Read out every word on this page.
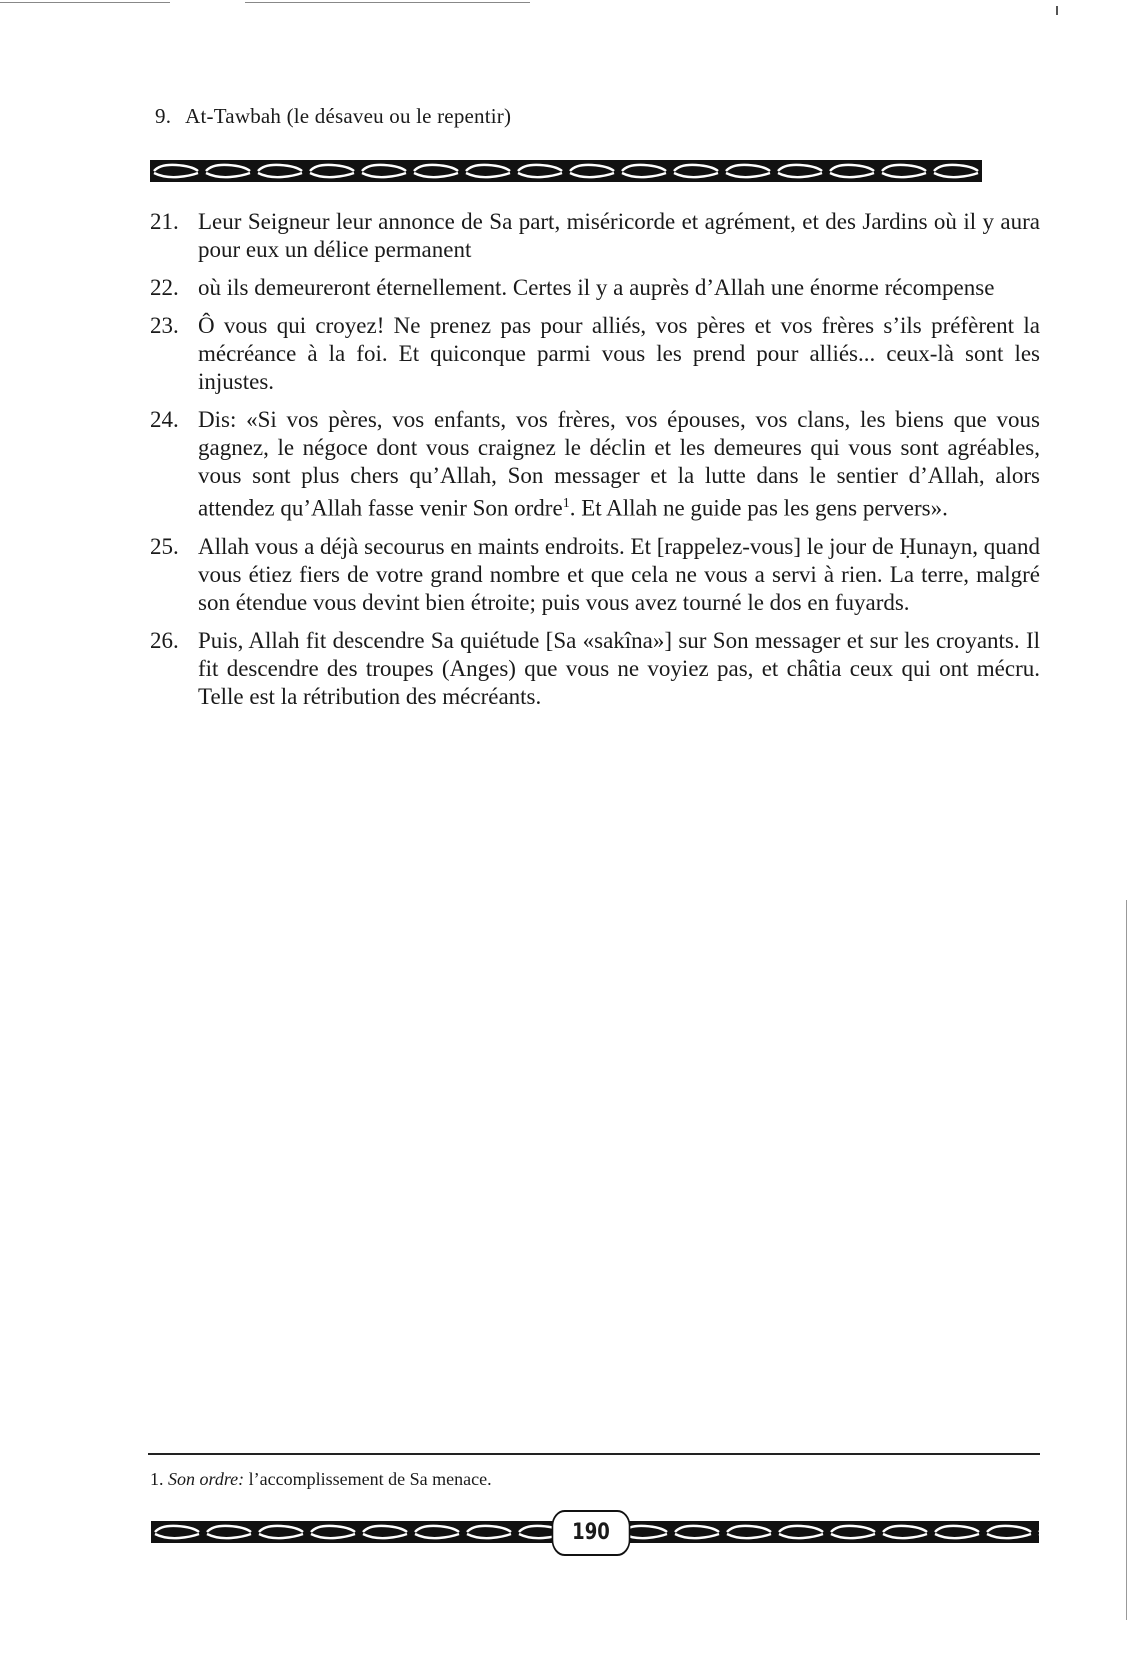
9. At-Tawbah (le désaveu ou le repentir)
21. Leur Seigneur leur annonce de Sa part, miséricorde et agrément, et des Jardins où il y aura pour eux un délice permanent
22. où ils demeureront éternellement. Certes il y a auprès d’Allah une énorme récompense
23. Ô vous qui croyez! Ne prenez pas pour alliés, vos pères et vos frères s’ils préfèrent la mécréance à la foi. Et quiconque parmi vous les prend pour alliés... ceux-là sont les injustes.
24. Dis: «Si vos pères, vos enfants, vos frères, vos épouses, vos clans, les biens que vous gagnez, le négoce dont vous craignez le déclin et les demeures qui vous sont agréables, vous sont plus chers qu’Allah, Son messager et la lutte dans le sentier d’Allah, alors attendez qu’Allah fasse venir Son ordre$^1$. Et Allah ne guide pas les gens pervers».
25. Allah vous a déjà secourus en maints endroits. Et [rappelez-vous] le jour de Ḥunayn, quand vous étiez fiers de votre grand nombre et que cela ne vous a servi à rien. La terre, malgré son étendue vous devint bien étroite; puis vous avez tourné le dos en fuyards.
26. Puis, Allah fit descendre Sa quiétude [Sa «sakîna»] sur Son messager et sur les croyants. Il fit descendre des troupes (Anges) que vous ne voyiez pas, et châtia ceux qui ont mécru. Telle est la rétribution des mécréants.
1. Son ordre: l’accomplissement de Sa menace.
190
